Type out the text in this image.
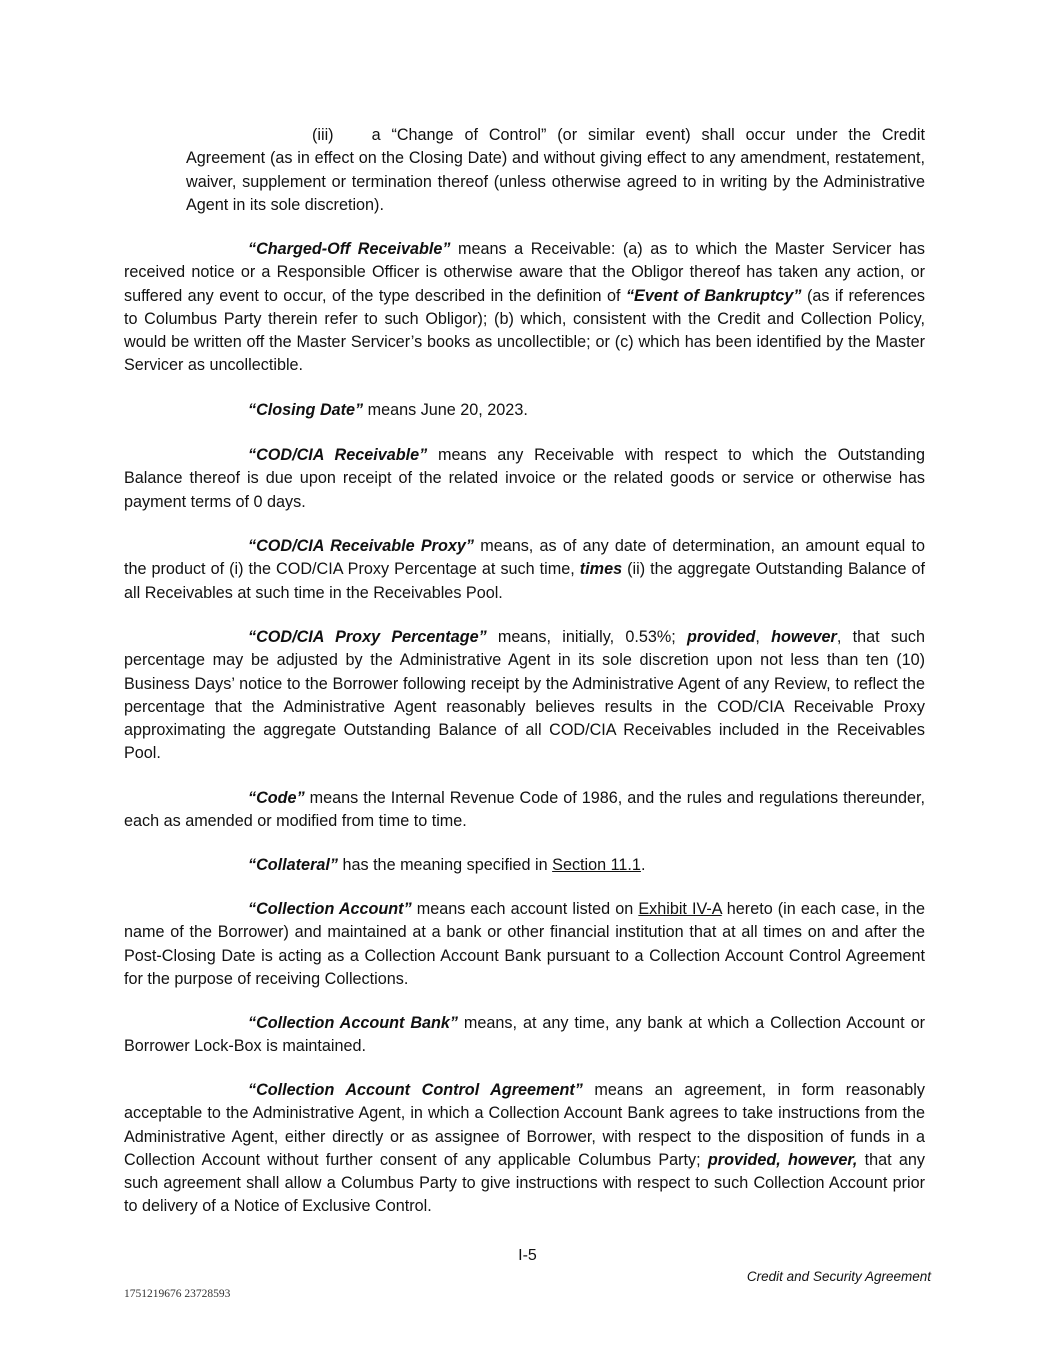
(iii) a “Change of Control” (or similar event) shall occur under the Credit Agreement (as in effect on the Closing Date) and without giving effect to any amendment, restatement, waiver, supplement or termination thereof (unless otherwise agreed to in writing by the Administrative Agent in its sole discretion).

“Charged-Off Receivable” means a Receivable: (a) as to which the Master Servicer has received notice or a Responsible Officer is otherwise aware that the Obligor thereof has taken any action, or suffered any event to occur, of the type described in the definition of “Event of Bankruptcy” (as if references to Columbus Party therein refer to such Obligor); (b) which, consistent with the Credit and Collection Policy, would be written off the Master Servicer’s books as uncollectible; or (c) which has been identified by the Master Servicer as uncollectible.

“Closing Date” means June 20, 2023.

“COD/CIA Receivable” means any Receivable with respect to which the Outstanding Balance thereof is due upon receipt of the related invoice or the related goods or service or otherwise has payment terms of 0 days.

“COD/CIA Receivable Proxy” means, as of any date of determination, an amount equal to the product of (i) the COD/CIA Proxy Percentage at such time, times (ii) the aggregate Outstanding Balance of all Receivables at such time in the Receivables Pool.

“COD/CIA Proxy Percentage” means, initially, 0.53%; provided, however, that such percentage may be adjusted by the Administrative Agent in its sole discretion upon not less than ten (10) Business Days’ notice to the Borrower following receipt by the Administrative Agent of any Review, to reflect the percentage that the Administrative Agent reasonably believes results in the COD/CIA Receivable Proxy approximating the aggregate Outstanding Balance of all COD/CIA Receivables included in the Receivables Pool.

“Code” means the Internal Revenue Code of 1986, and the rules and regulations thereunder, each as amended or modified from time to time.

“Collateral” has the meaning specified in Section 11.1.

“Collection Account” means each account listed on Exhibit IV-A hereto (in each case, in the name of the Borrower) and maintained at a bank or other financial institution that at all times on and after the Post-Closing Date is acting as a Collection Account Bank pursuant to a Collection Account Control Agreement for the purpose of receiving Collections.

“Collection Account Bank” means, at any time, any bank at which a Collection Account or Borrower Lock-Box is maintained.

“Collection Account Control Agreement” means an agreement, in form reasonably acceptable to the Administrative Agent, in which a Collection Account Bank agrees to take instructions from the Administrative Agent, either directly or as assignee of Borrower, with respect to the disposition of funds in a Collection Account without further consent of any applicable Columbus Party; provided, however, that any such agreement shall allow a Columbus Party to give instructions with respect to such Collection Account prior to delivery of a Notice of Exclusive Control.

I-5
Credit and Security Agreement
1751219676 23728593
